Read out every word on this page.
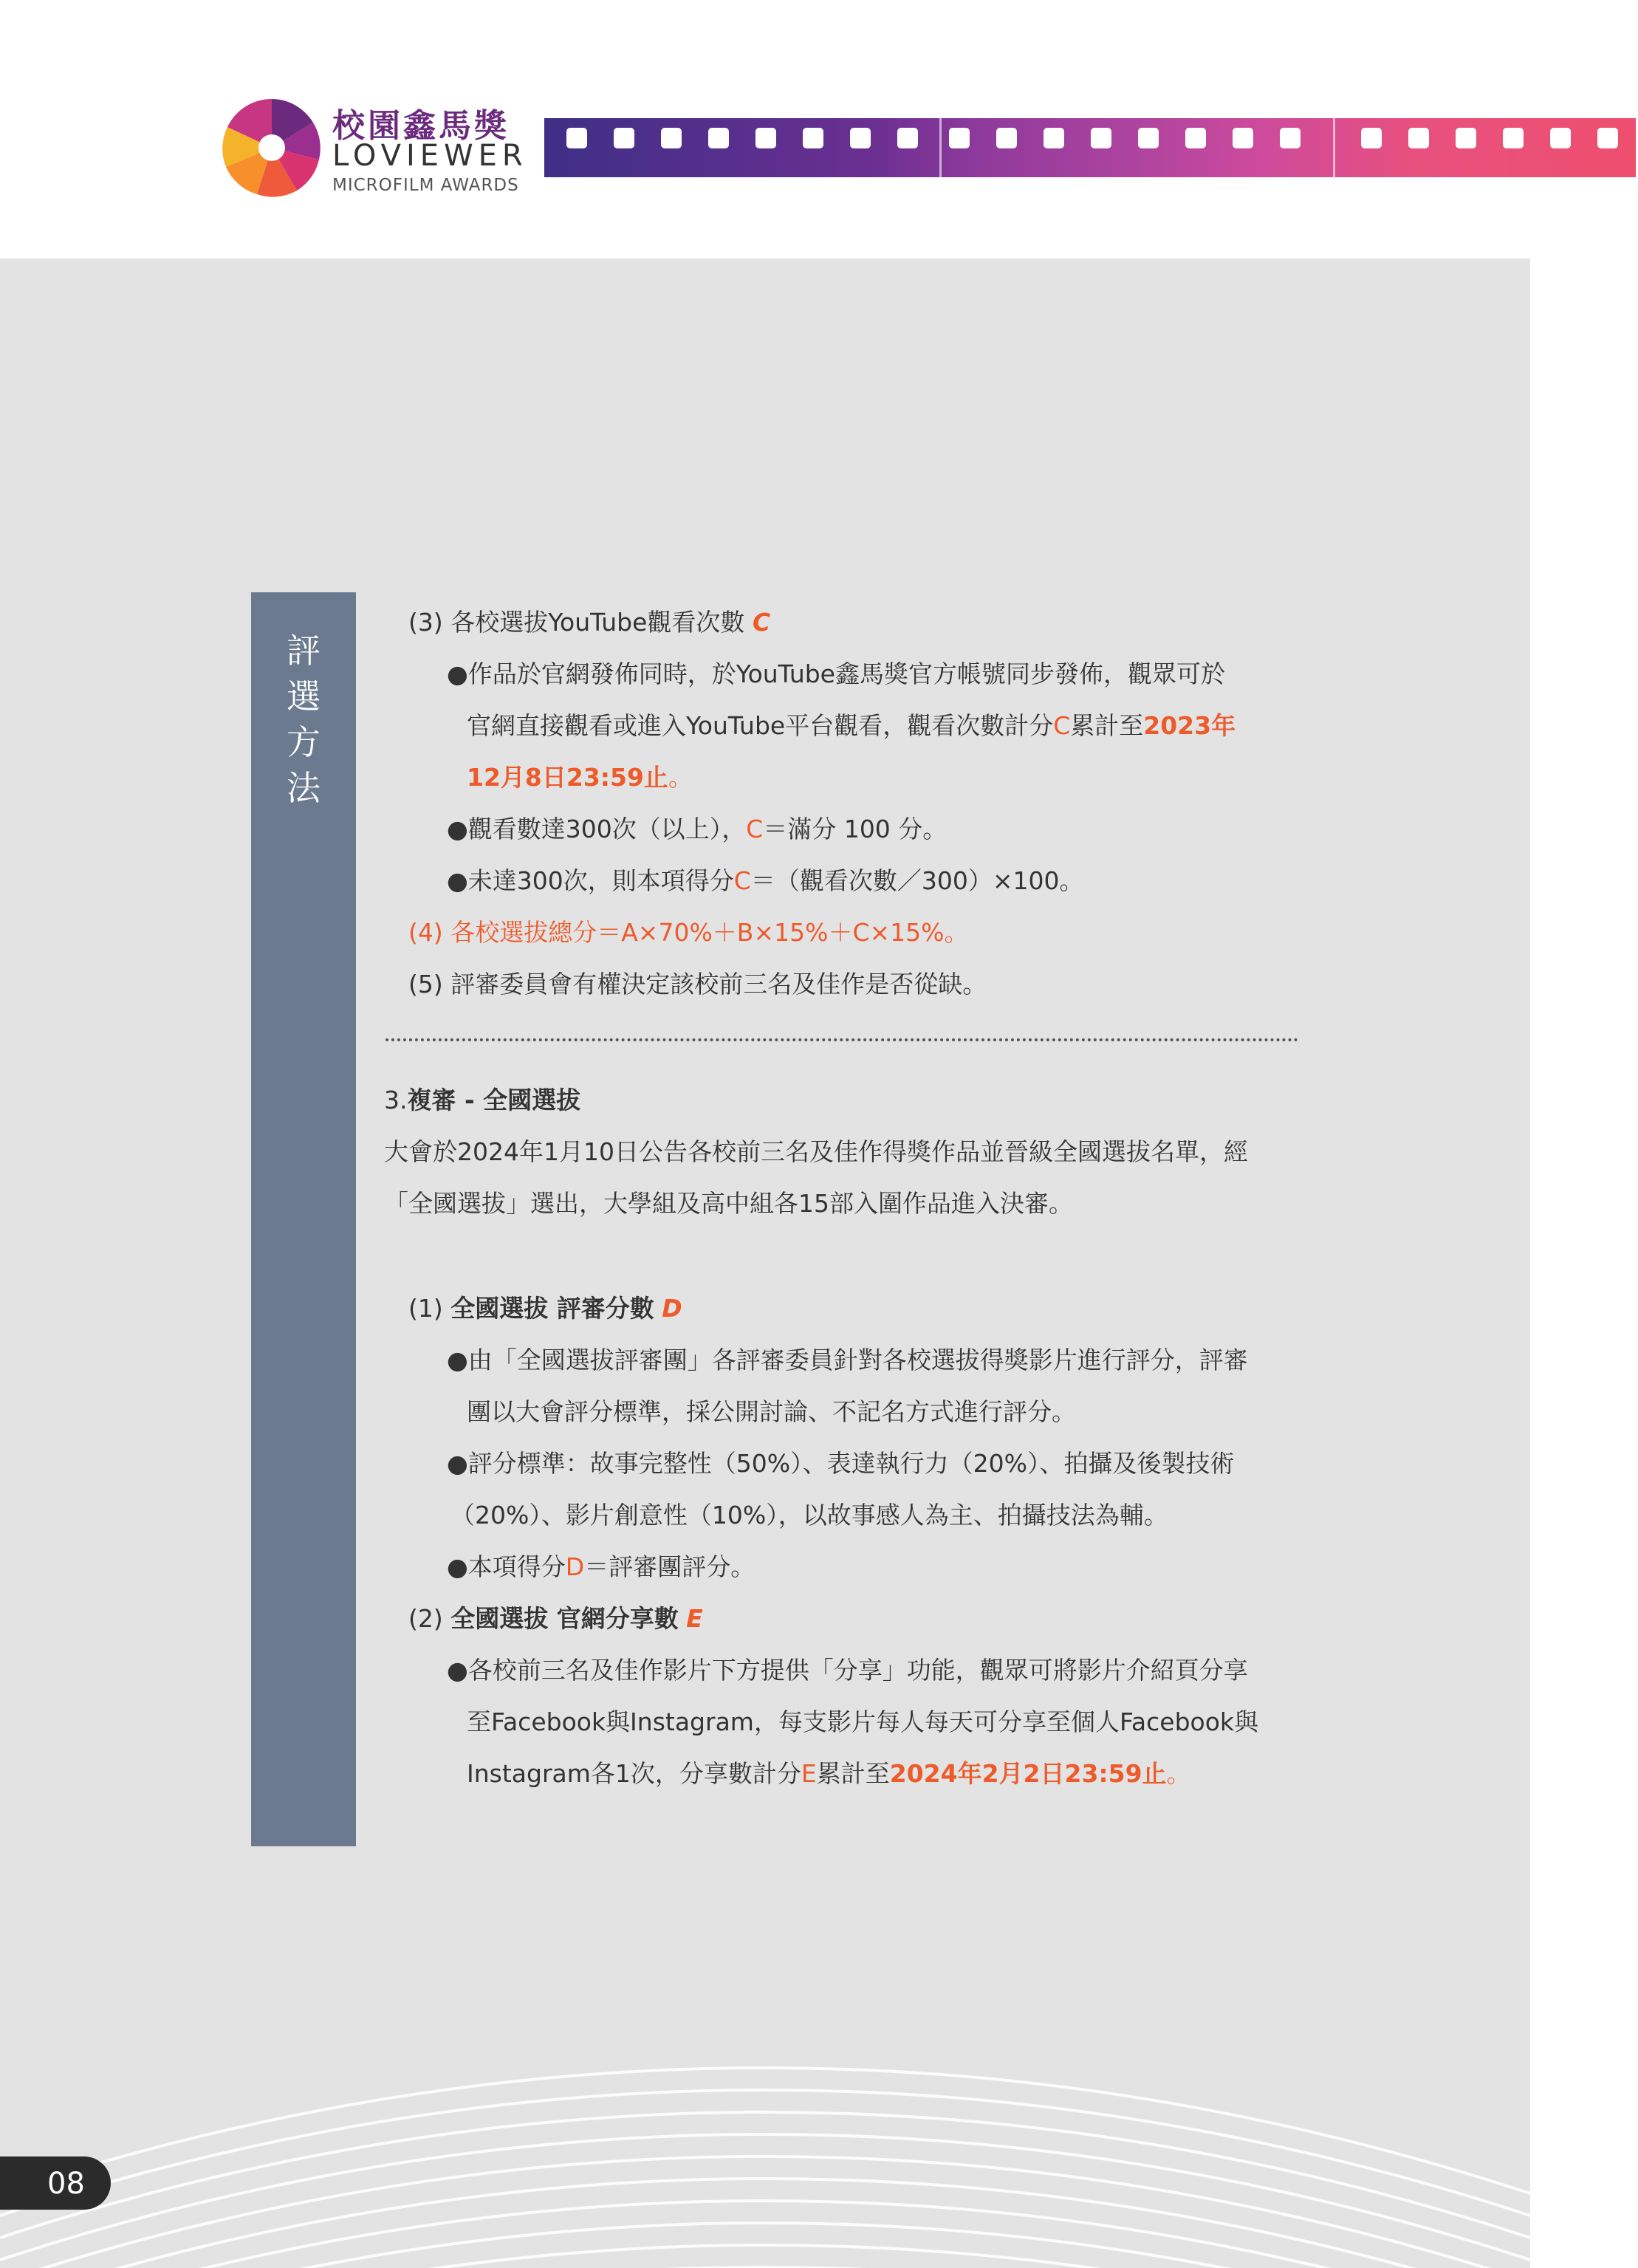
校園鑫馬獎
LOVIEWER
MICROFILM AWARDS
評選方法
(3) 各校選拔YouTube觀看次數 C
●作品於官網發佈同時，於YouTube鑫馬獎官方帳號同步發佈，觀眾可於
官網直接觀看或進入YouTube平台觀看，觀看次數計分C累計至2023年
12月8日23:59止。
●觀看數達300次（以上），C＝滿分 100 分。
●未達300次，則本項得分C＝（觀看次數／300）×100。
(4) 各校選拔總分＝A×70%＋B×15%＋C×15%。
(5) 評審委員會有權決定該校前三名及佳作是否從缺。
3.複審 - 全國選拔
大會於2024年1月10日公告各校前三名及佳作得獎作品並晉級全國選拔名單，經
「全國選拔」選出，大學組及高中組各15部入圍作品進入決審。
(1) 全國選拔 評審分數 D
●由「全國選拔評審團」各評審委員針對各校選拔得獎影片進行評分，評審
團以大會評分標準，採公開討論、不記名方式進行評分。
●評分標準：故事完整性（50%）、表達執行力（20%）、拍攝及後製技術
（20%）、影片創意性（10%），以故事感人為主、拍攝技法為輔。
●本項得分D＝評審團評分。
(2) 全國選拔 官網分享數 E
●各校前三名及佳作影片下方提供「分享」功能，觀眾可將影片介紹頁分享
至Facebook與Instagram，每支影片每人每天可分享至個人Facebook與
Instagram各1次，分享數計分E累計至2024年2月2日23:59止。
08
